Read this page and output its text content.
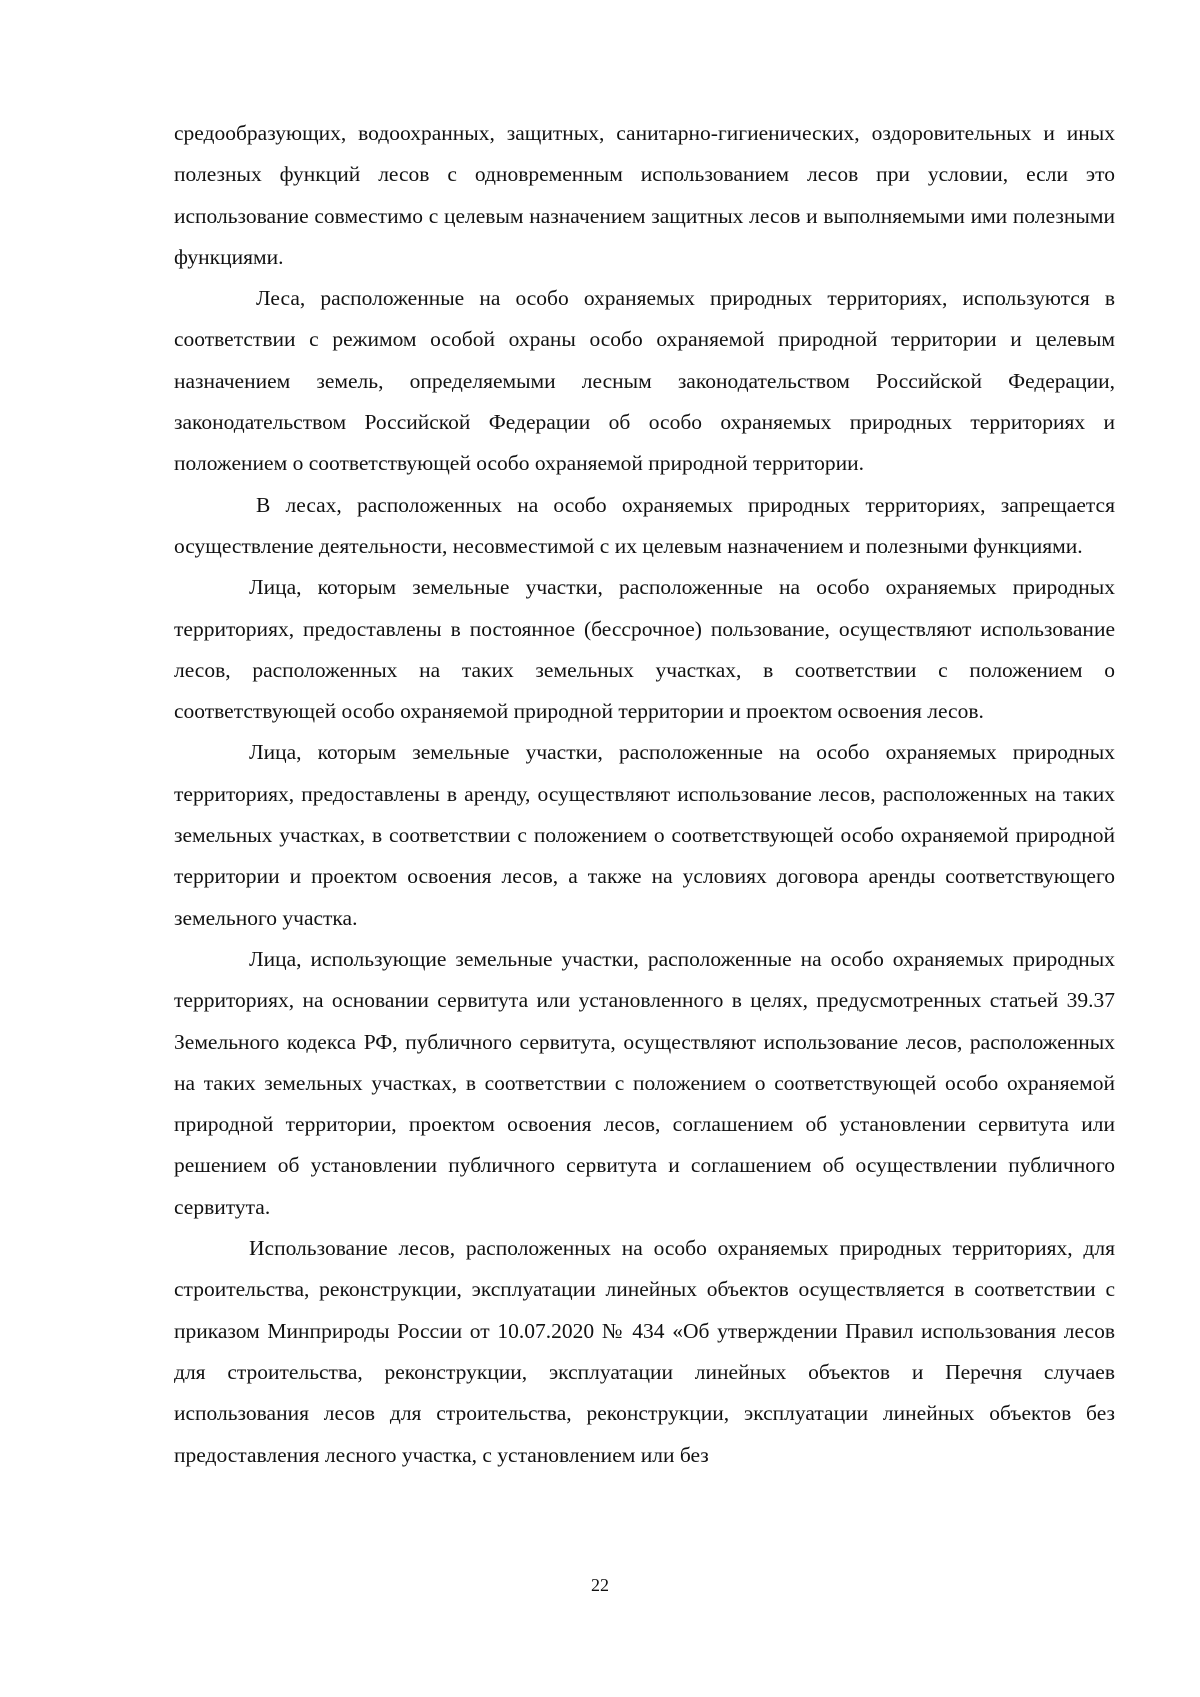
средообразующих, водоохранных, защитных, санитарно-гигиенических, оздоровительных и иных полезных функций лесов с одновременным использованием лесов при условии, если это использование совместимо с целевым назначением защитных лесов и выполняемыми ими полезными функциями.

Леса, расположенные на особо охраняемых природных территориях, используются в соответствии с режимом особой охраны особо охраняемой природной территории и целевым назначением земель, определяемыми лесным законодательством Российской Федерации, законодательством Российской Федерации об особо охраняемых природных территориях и положением о соответствующей особо охраняемой природной территории.

В лесах, расположенных на особо охраняемых природных территориях, запрещается осуществление деятельности, несовместимой с их целевым назначением и полезными функциями.

Лица, которым земельные участки, расположенные на особо охраняемых природных территориях, предоставлены в постоянное (бессрочное) пользование, осуществляют использование лесов, расположенных на таких земельных участках, в соответствии с положением о соответствующей особо охраняемой природной территории и проектом освоения лесов.

Лица, которым земельные участки, расположенные на особо охраняемых природных территориях, предоставлены в аренду, осуществляют использование лесов, расположенных на таких земельных участках, в соответствии с положением о соответствующей особо охраняемой природной территории и проектом освоения лесов, а также на условиях договора аренды соответствующего земельного участка.

Лица, использующие земельные участки, расположенные на особо охраняемых природных территориях, на основании сервитута или установленного в целях, предусмотренных статьей 39.37 Земельного кодекса РФ, публичного сервитута, осуществляют использование лесов, расположенных на таких земельных участках, в соответствии с положением о соответствующей особо охраняемой природной территории, проектом освоения лесов, соглашением об установлении сервитута или решением об установлении публичного сервитута и соглашением об осуществлении публичного сервитута.

Использование лесов, расположенных на особо охраняемых природных территориях, для строительства, реконструкции, эксплуатации линейных объектов осуществляется в соответствии с приказом Минприроды России от 10.07.2020 № 434 «Об утверждении Правил использования лесов для строительства, реконструкции, эксплуатации линейных объектов и Перечня случаев использования лесов для строительства, реконструкции, эксплуатации линейных объектов без предоставления лесного участка, с установлением или без

22
